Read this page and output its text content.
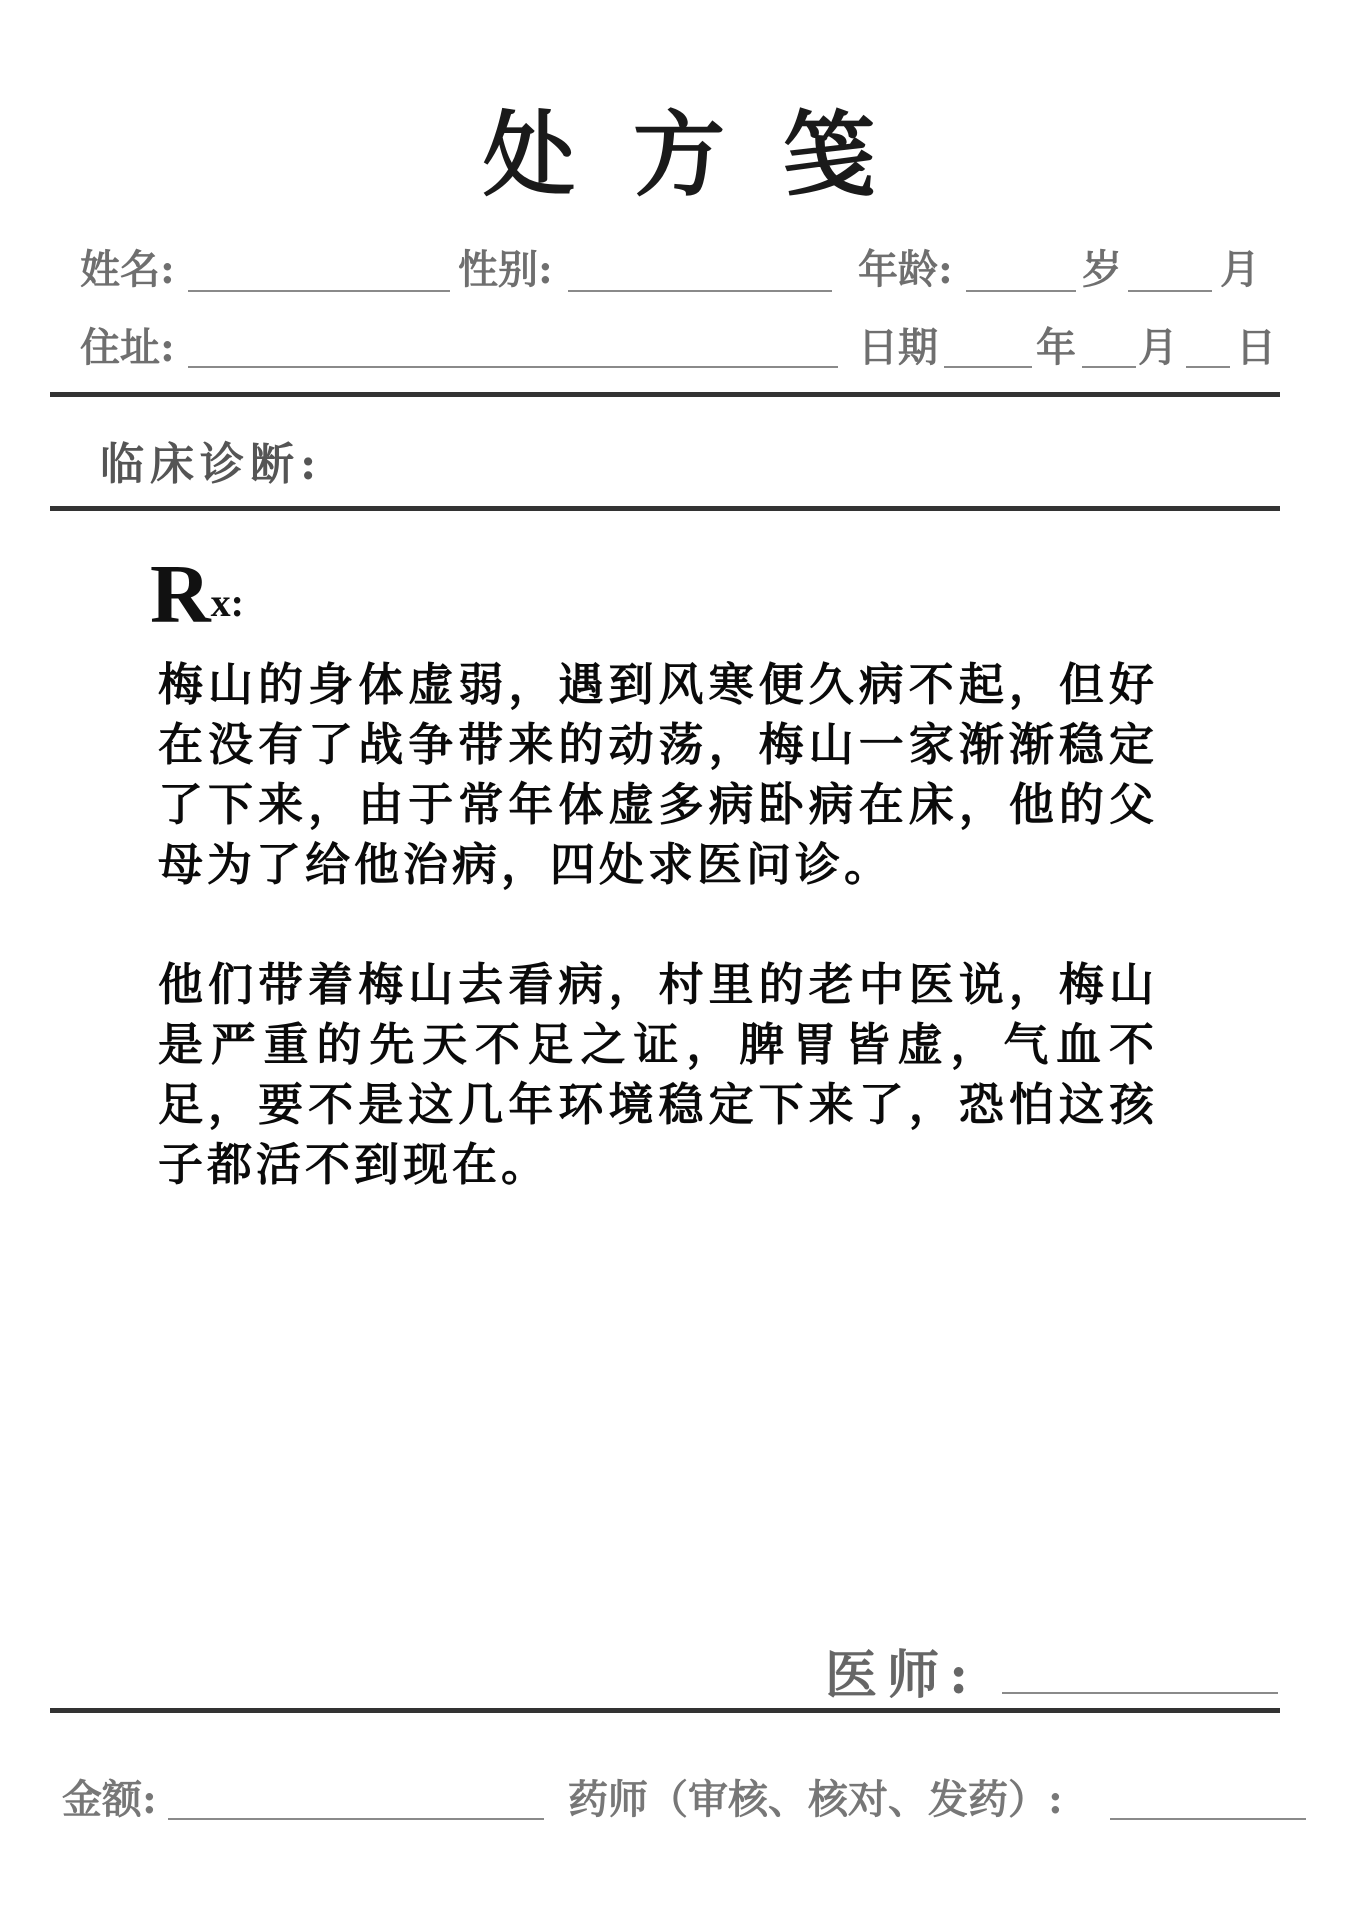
处方笺
姓名:	性别:	年龄:	岁 月
住址:	日期 年 月 日
临床诊断:
Rx:
梅山的身体虚弱，遇到风寒便久病不起，但好在没有了战争带来的动荡，梅山一家渐渐稳定了下来，由于常年体虚多病卧病在床，他的父母为了给他治病，四处求医问诊。
他们带着梅山去看病，村里的老中医说，梅山是严重的先天不足之证，脾胃皆虚，气血不足，要不是这几年环境稳定下来了，恐怕这孩子都活不到现在。
医师:
金额:	药师（审核、核对、发药）:
